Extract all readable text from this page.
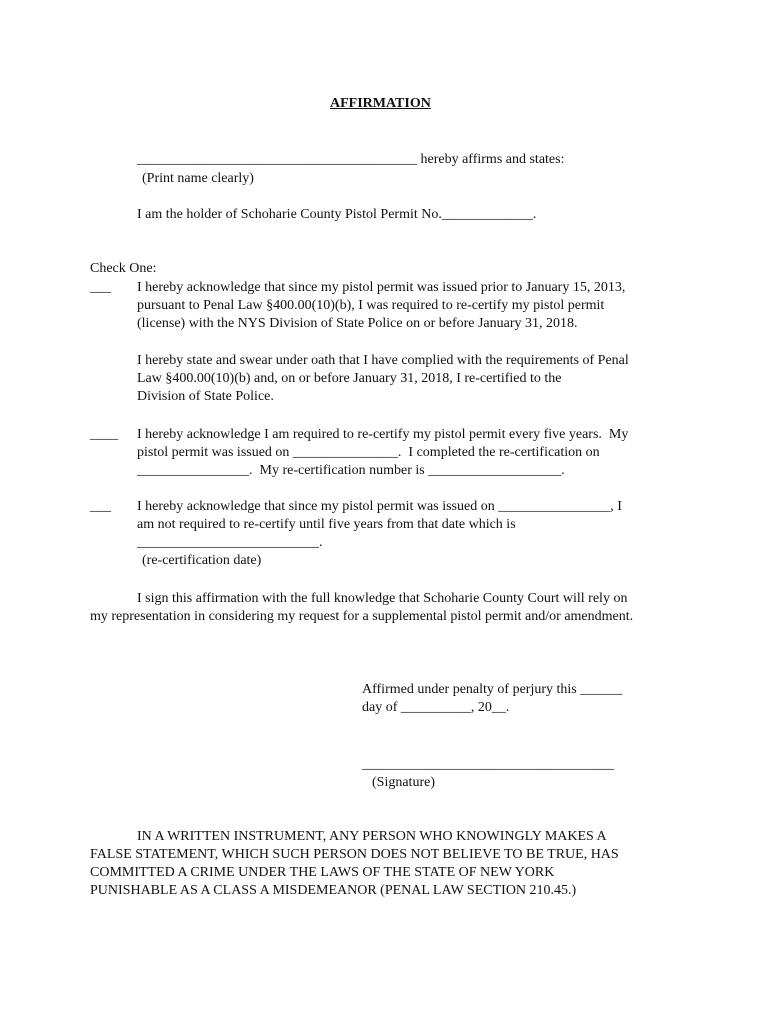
AFFIRMATION

________________________________________ hereby affirms and states:

(Print name clearly)

I am the holder of Schoharie County Pistol Permit No._____________.

Check One:

___ I hereby acknowledge that since my pistol permit was issued prior to January 15, 2013,

pursuant to Penal Law §400.00(10)(b), I was required to re-certify my pistol permit

(license) with the NYS Division of State Police on or before January 31, 2018.

I hereby state and swear under oath that I have complied with the requirements of Penal

Law §400.00(10)(b) and, on or before January 31, 2018, I re-certified to the

Division of State Police.

____ I hereby acknowledge I am required to re-certify my pistol permit every five years.  My

pistol permit was issued on _______________.  I completed the re-certification on

________________.  My re-certification number is ___________________.

___ I hereby acknowledge that since my pistol permit was issued on ________________, I

am not required to re-certify until five years from that date which is

__________________________.

(re-certification date)

I sign this affirmation with the full knowledge that Schoharie County Court will rely on

my representation in considering my request for a supplemental pistol permit and/or amendment.

Affirmed under penalty of perjury this ______

day of __________, 20__.

____________________________________

(Signature)

IN A WRITTEN INSTRUMENT, ANY PERSON WHO KNOWINGLY MAKES A

FALSE STATEMENT, WHICH SUCH PERSON DOES NOT BELIEVE TO BE TRUE, HAS

COMMITTED A CRIME UNDER THE LAWS OF THE STATE OF NEW YORK

PUNISHABLE AS A CLASS A MISDEMEANOR (PENAL LAW SECTION 210.45.)
